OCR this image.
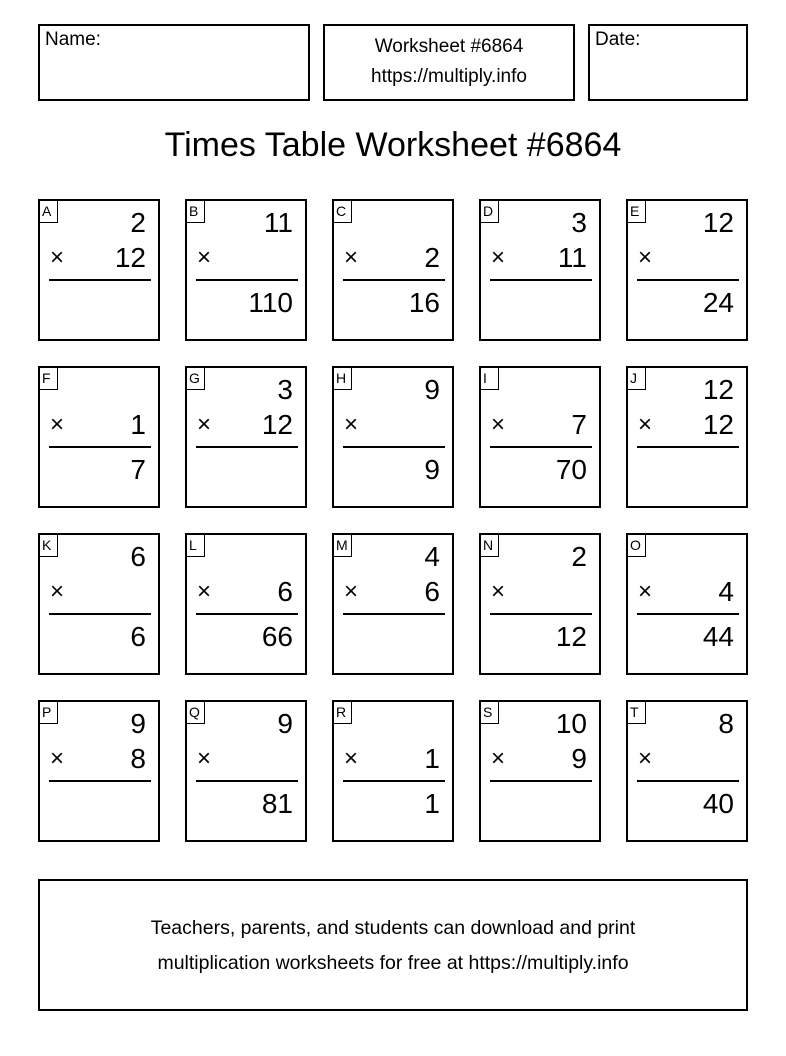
Name:	Worksheet #6864
https://multiply.info
Date:
Times Table Worksheet #6864
A	2
× 12
B 11
×
110
C
× 2
16
D	3
× 11
E 12
×
24
F
× 1
7
G	3
× 12
H	9
×
9
I
× 7
70
J	12
× 12
K	6
×
6
L
× 6
66
M	4
× 6
N	2
×
12
O
× 4
44
P	9
× 8
Q	9
×
81
R
× 1
1
S 10
× 9
T	8
×
40
Teachers, parents, and students can download and print
multiplication worksheets for free at https://multiply.info
